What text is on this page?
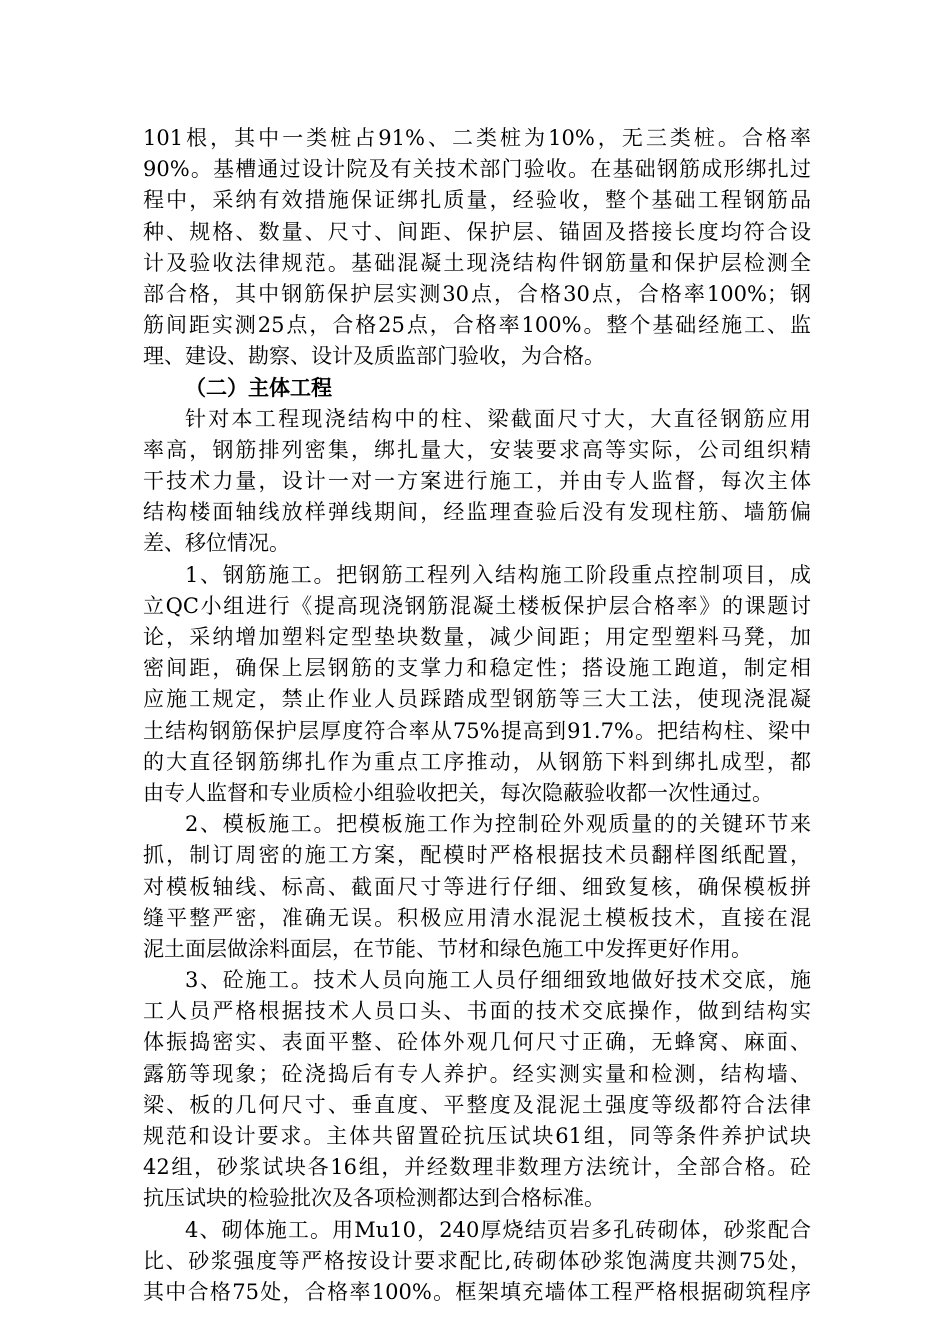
101根，其中一类桩占91%、二类桩为10%，无三类桩。合格率
90%。基槽通过设计院及有关技术部门验收。在基础钢筋成形绑扎过
程中，采纳有效措施保证绑扎质量，经验收，整个基础工程钢筋品
种、规格、数量、尺寸、间距、保护层、锚固及搭接长度均符合设
计及验收法律规范。基础混凝土现浇结构件钢筋量和保护层检测全
部合格，其中钢筋保护层实测30点，合格30点，合格率100%；钢
筋间距实测25点，合格25点，合格率100%。整个基础经施工、监
理、建设、勘察、设计及质监部门验收，为合格。
（二）主体工程
针对本工程现浇结构中的柱、梁截面尺寸大，大直径钢筋应用
率高，钢筋排列密集，绑扎量大，安装要求高等实际，公司组织精
干技术力量，设计一对一方案进行施工，并由专人监督，每次主体
结构楼面轴线放样弹线期间，经监理查验后没有发现柱筋、墙筋偏
差、移位情况。
1、钢筋施工。把钢筋工程列入结构施工阶段重点控制项目，成
立QC小组进行《提高现浇钢筋混凝土楼板保护层合格率》的课题讨
论，采纳增加塑料定型垫块数量，减少间距；用定型塑料马凳，加
密间距，确保上层钢筋的支掌力和稳定性；搭设施工跑道，制定相
应施工规定，禁止作业人员踩踏成型钢筋等三大工法，使现浇混凝
土结构钢筋保护层厚度符合率从75%提高到91.7%。把结构柱、梁中
的大直径钢筋绑扎作为重点工序推动，从钢筋下料到绑扎成型，都
由专人监督和专业质检小组验收把关，每次隐蔽验收都一次性通过。
2、模板施工。把模板施工作为控制砼外观质量的的关键环节来
抓，制订周密的施工方案，配模时严格根据技术员翻样图纸配置，
对模板轴线、标高、截面尺寸等进行仔细、细致复核，确保模板拼
缝平整严密，准确无误。积极应用清水混泥土模板技术，直接在混
泥土面层做涂料面层，在节能、节材和绿色施工中发挥更好作用。
3、砼施工。技术人员向施工人员仔细细致地做好技术交底，施
工人员严格根据技术人员口头、书面的技术交底操作，做到结构实
体振捣密实、表面平整、砼体外观几何尺寸正确，无蜂窝、麻面、
露筋等现象；砼浇捣后有专人养护。经实测实量和检测，结构墙、
梁、板的几何尺寸、垂直度、平整度及混泥土强度等级都符合法律
规范和设计要求。主体共留置砼抗压试块61组，同等条件养护试块
42组，砂浆试块各16组，并经数理非数理方法统计，全部合格。砼
抗压试块的检验批次及各项检测都达到合格标准。
4、砌体施工。用Mu10，240厚烧结页岩多孔砖砌体，砂浆配合
比、砂浆强度等严格按设计要求配比,砖砌体砂浆饱满度共测75处，
其中合格75处，合格率100%。框架填充墙体工程严格根据砌筑程序
